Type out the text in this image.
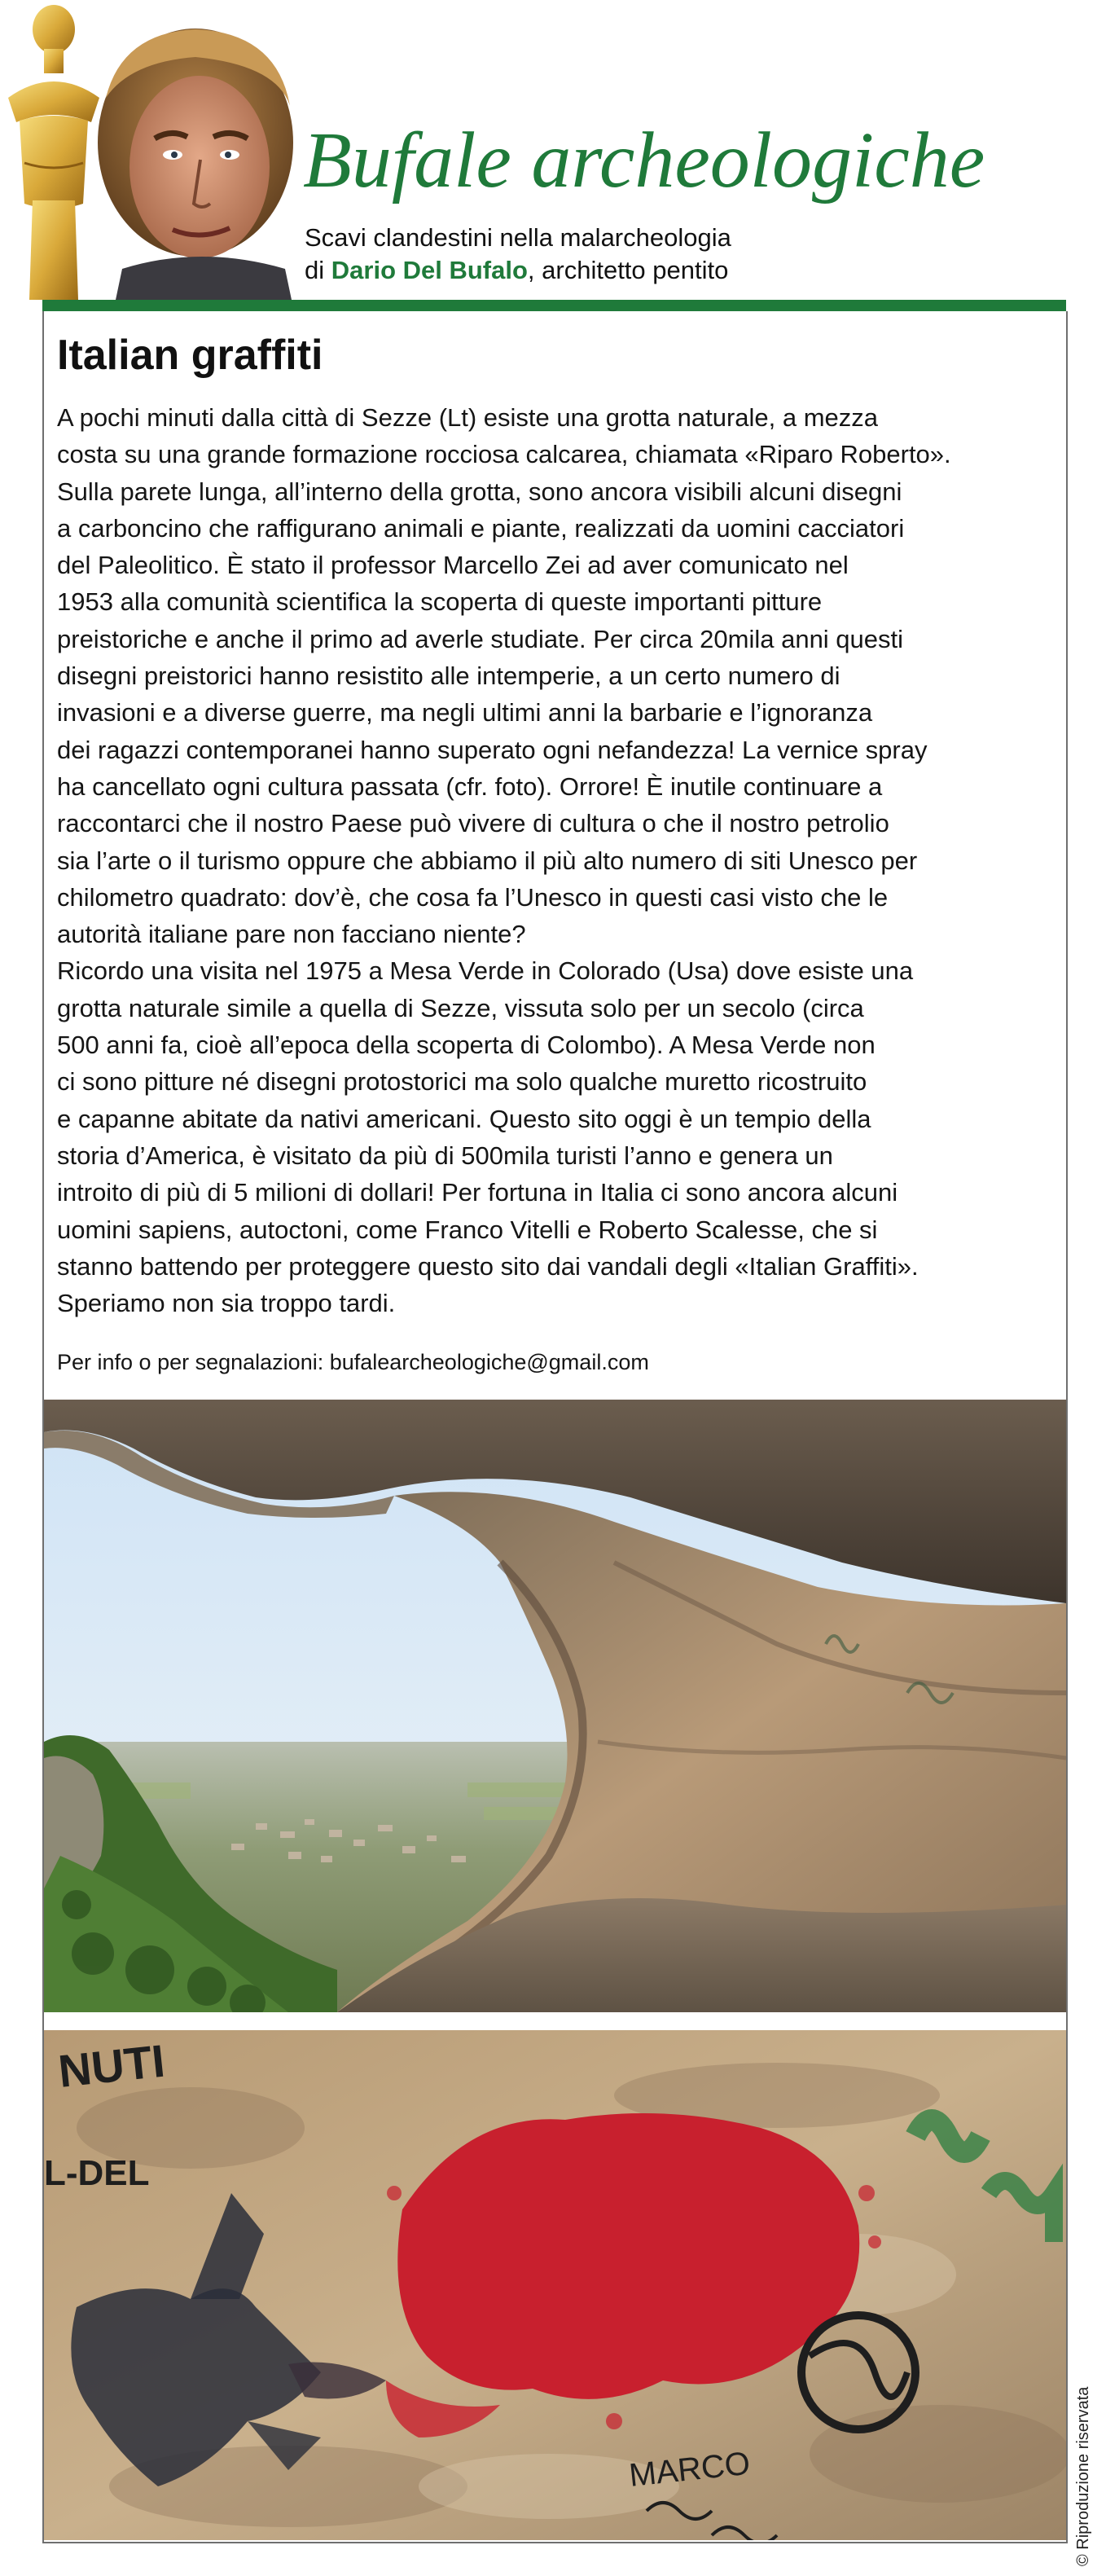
Bufale archeologiche
Scavi clandestini nella malarcheologia
di Dario Del Bufalo, architetto pentito
Italian graffiti

A pochi minuti dalla città di Sezze (Lt) esiste una grotta naturale, a mezza
costa su una grande formazione rocciosa calcarea, chiamata «Riparo Roberto».
Sulla parete lunga, all’interno della grotta, sono ancora visibili alcuni disegni
a carboncino che raffigurano animali e piante, realizzati da uomini cacciatori
del Paleolitico. È stato il professor Marcello Zei ad aver comunicato nel
1953 alla comunità scientifica la scoperta di queste importanti pitture
preistoriche e anche il primo ad averle studiate. Per circa 20mila anni questi
disegni preistorici hanno resistito alle intemperie, a un certo numero di
invasioni e a diverse guerre, ma negli ultimi anni la barbarie e l’ignoranza
dei ragazzi contemporanei hanno superato ogni nefandezza! La vernice spray
ha cancellato ogni cultura passata (cfr. foto). Orrore! È inutile continuare a
raccontarci che il nostro Paese può vivere di cultura o che il nostro petrolio
sia l’arte o il turismo oppure che abbiamo il più alto numero di siti Unesco per
chilometro quadrato: dov’è, che cosa fa l’Unesco in questi casi visto che le
autorità italiane pare non facciano niente?

Ricordo una visita nel 1975 a Mesa Verde in Colorado (Usa) dove esiste una
grotta naturale simile a quella di Sezze, vissuta solo per un secolo (circa
500 anni fa, cioè all’epoca della scoperta di Colombo). A Mesa Verde non
ci sono pitture né disegni protostorici ma solo qualche muretto ricostruito
e capanne abitate da nativi americani. Questo sito oggi è un tempio della
storia d’America, è visitato da più di 500mila turisti l’anno e genera un
introito di più di 5 milioni di dollari! Per fortuna in Italia ci sono ancora alcuni
uomini sapiens, autoctoni, come Franco Vitelli e Roberto Scalesse, che si
stanno battendo per proteggere questo sito dai vandali degli «Italian Graffiti».
Speriamo non sia troppo tardi.

Per info o per segnalazioni: bufalearcheologiche@gmail.com
NUTI
L-DEL
MARCO	© Riproduzione riservata
